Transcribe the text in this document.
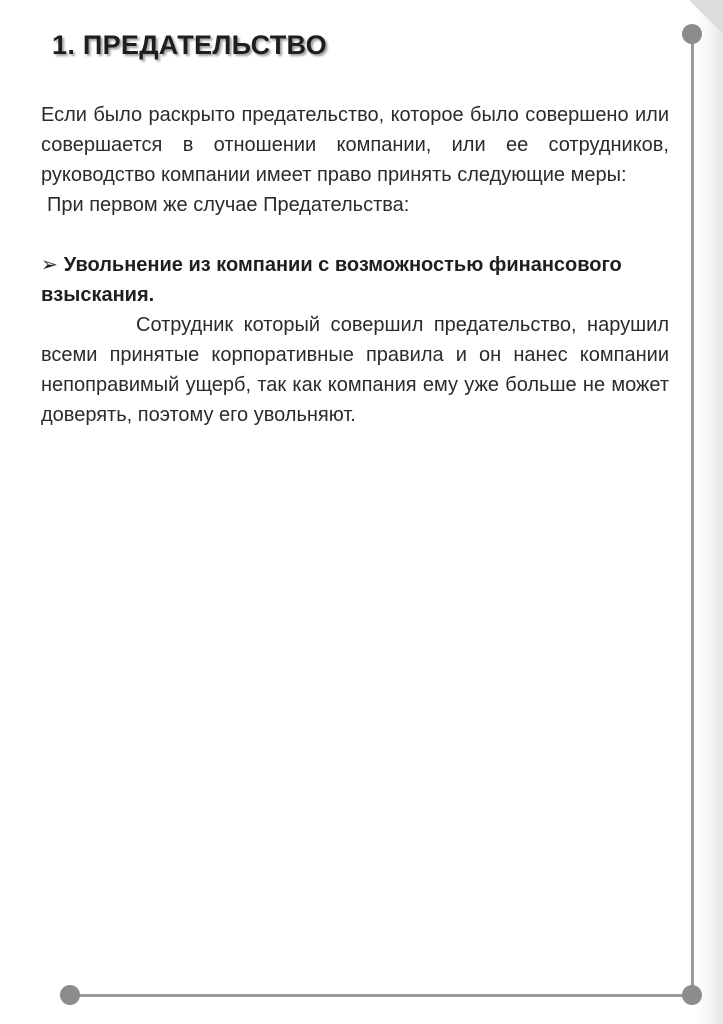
1. ПРЕДАТЕЛЬСТВО

Если было раскрыто предательство, которое было совершено или совершается в отношении компании, или ее сотрудников, руководство компании имеет право принять следующие меры:

При первом же случае Предательства:

➢ Увольнение из компании с возможностью финансового взыскания.

Сотрудник который совершил предательство, нарушил всеми принятые корпоративные правила и он нанес компании непоправимый ущерб, так как компания ему уже больше не может доверять, поэтому его увольняют.
